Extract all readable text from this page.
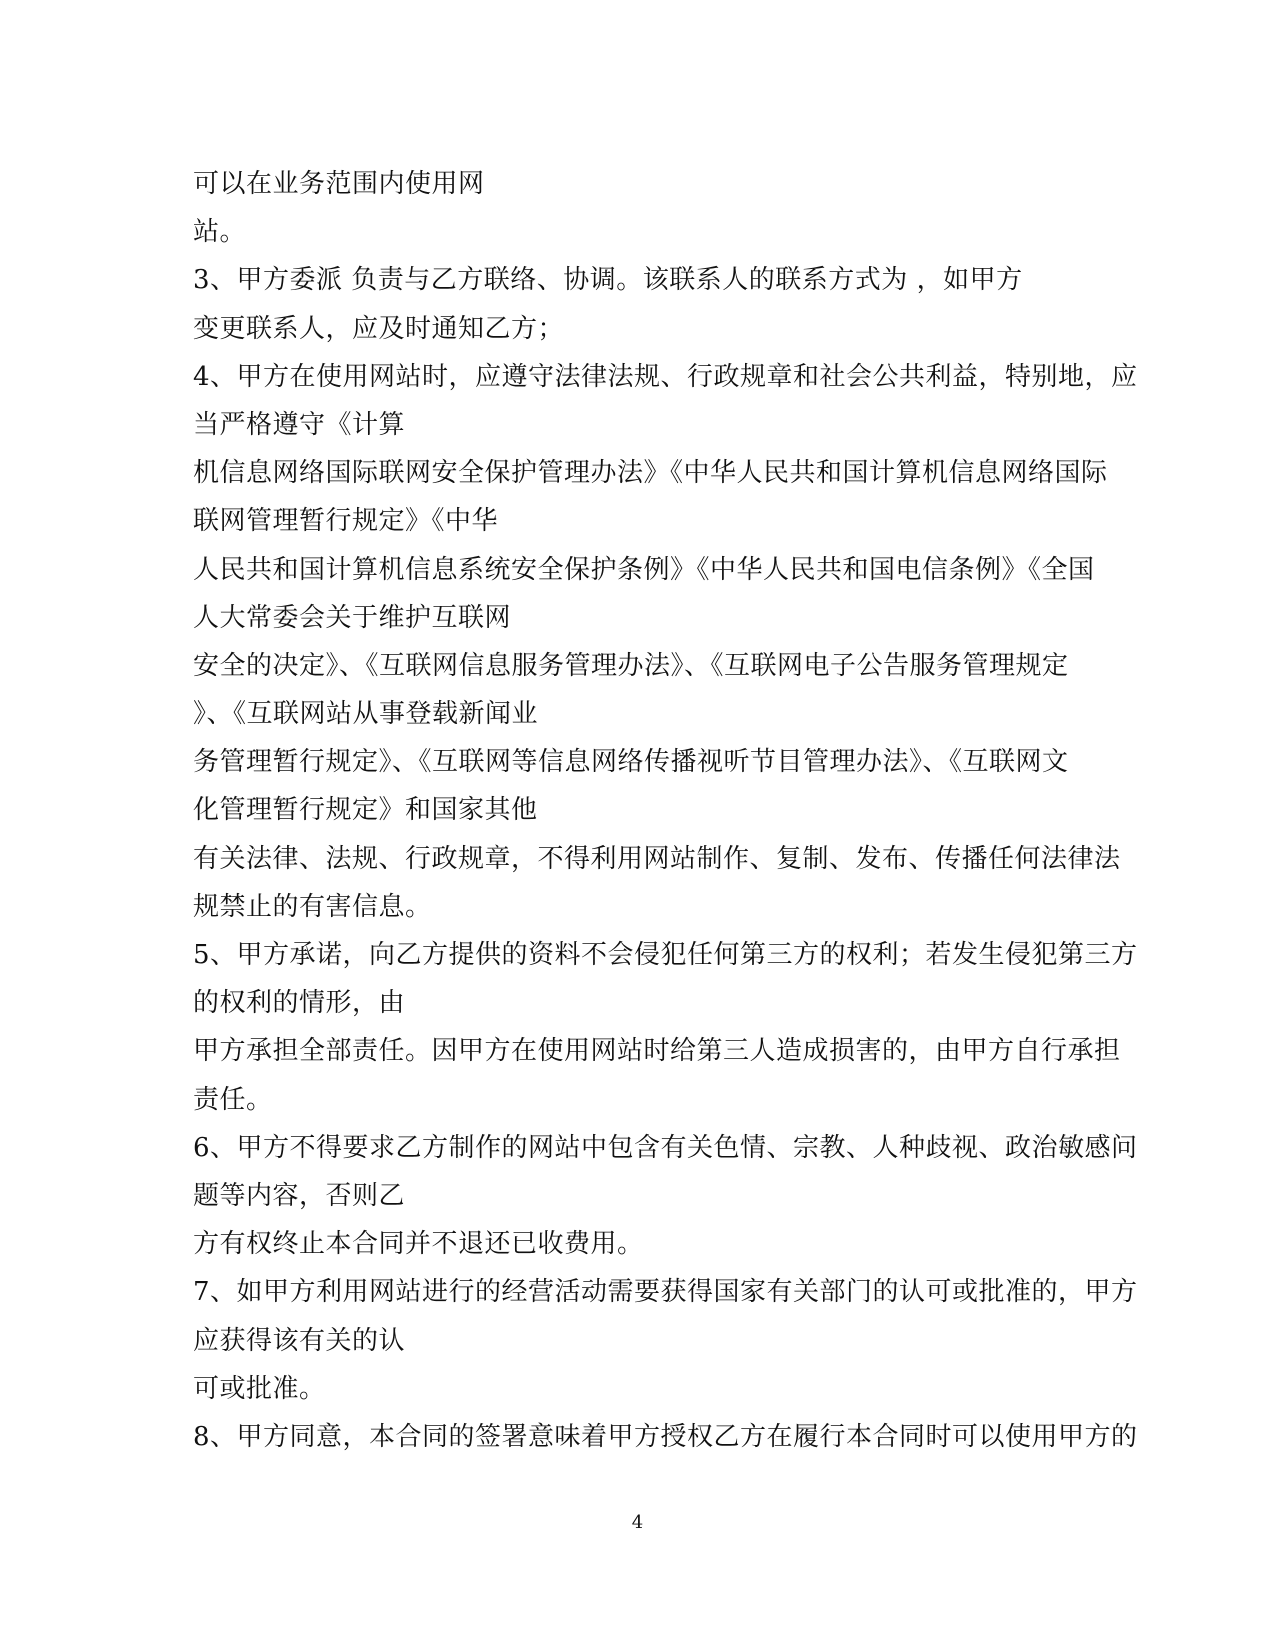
可以在业务范围内使用网
站。
3、甲方委派 负责与乙方联络、协调。该联系人的联系方式为 ，如甲方
变更联系人，应及时通知乙方；
4、甲方在使用网站时，应遵守法律法规、行政规章和社会公共利益，特别地，应
当严格遵守《计算
机信息网络国际联网安全保护管理办法》《中华人民共和国计算机信息网络国际
联网管理暂行规定》《中华
人民共和国计算机信息系统安全保护条例》《中华人民共和国电信条例》《全国
人大常委会关于维护互联网
安全的决定》、《互联网信息服务管理办法》、《互联网电子公告服务管理规定
》、《互联网站从事登载新闻业
务管理暂行规定》、《互联网等信息网络传播视听节目管理办法》、《互联网文
化管理暂行规定》和国家其他
有关法律、法规、行政规章，不得利用网站制作、复制、发布、传播任何法律法
规禁止的有害信息。
5、甲方承诺，向乙方提供的资料不会侵犯任何第三方的权利；若发生侵犯第三方
的权利的情形，由
甲方承担全部责任。因甲方在使用网站时给第三人造成损害的，由甲方自行承担
责任。
6、甲方不得要求乙方制作的网站中包含有关色情、宗教、人种歧视、政治敏感问
题等内容，否则乙
方有权终止本合同并不退还已收费用。
7、如甲方利用网站进行的经营活动需要获得国家有关部门的认可或批准的，甲方
应获得该有关的认
可或批准。
8、甲方同意，本合同的签署意味着甲方授权乙方在履行本合同时可以使用甲方的
4
